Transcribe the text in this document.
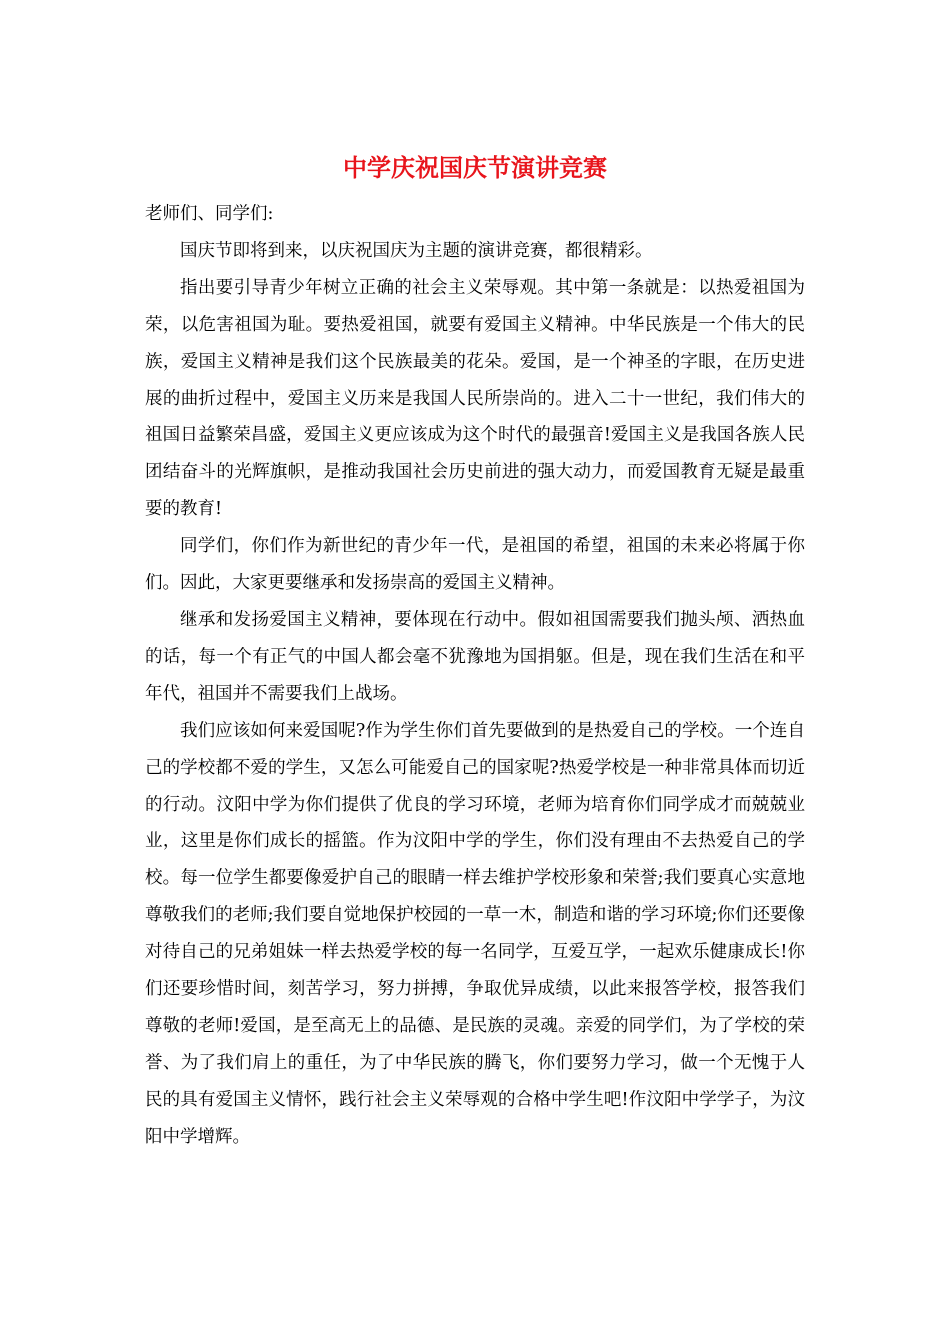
中学庆祝国庆节演讲竞赛

老师们、同学们:

国庆节即将到来，以庆祝国庆为主题的演讲竞赛，都很精彩。

指出要引导青少年树立正确的社会主义荣辱观。其中第一条就是：以热爱祖国为荣，以危害祖国为耻。要热爱祖国，就要有爱国主义精神。中华民族是一个伟大的民族，爱国主义精神是我们这个民族最美的花朵。爱国，是一个神圣的字眼，在历史进展的曲折过程中，爱国主义历来是我国人民所崇尚的。进入二十一世纪，我们伟大的祖国日益繁荣昌盛，爱国主义更应该成为这个时代的最强音!爱国主义是我国各族人民团结奋斗的光辉旗帜，是推动我国社会历史前进的强大动力，而爱国教育无疑是最重要的教育!

同学们，你们作为新世纪的青少年一代，是祖国的希望，祖国的未来必将属于你们。因此，大家更要继承和发扬崇高的爱国主义精神。

继承和发扬爱国主义精神，要体现在行动中。假如祖国需要我们抛头颅、洒热血的话，每一个有正气的中国人都会毫不犹豫地为国捐躯。但是，现在我们生活在和平年代，祖国并不需要我们上战场。

我们应该如何来爱国呢?作为学生你们首先要做到的是热爱自己的学校。一个连自己的学校都不爱的学生，又怎么可能爱自己的国家呢?热爱学校是一种非常具体而切近的行动。汶阳中学为你们提供了优良的学习环境，老师为培育你们同学成才而兢兢业业，这里是你们成长的摇篮。作为汶阳中学的学生，你们没有理由不去热爱自己的学校。每一位学生都要像爱护自己的眼睛一样去维护学校形象和荣誉;我们要真心实意地尊敬我们的老师;我们要自觉地保护校园的一草一木，制造和谐的学习环境;你们还要像对待自己的兄弟姐妹一样去热爱学校的每一名同学，互爱互学，一起欢乐健康成长!你们还要珍惜时间，刻苦学习，努力拼搏，争取优异成绩，以此来报答学校，报答我们尊敬的老师!爱国，是至高无上的品德、是民族的灵魂。亲爱的同学们，为了学校的荣誉、为了我们肩上的重任，为了中华民族的腾飞，你们要努力学习，做一个无愧于人民的具有爱国主义情怀，践行社会主义荣辱观的合格中学生吧!作汶阳中学学子，为汶阳中学增辉。
